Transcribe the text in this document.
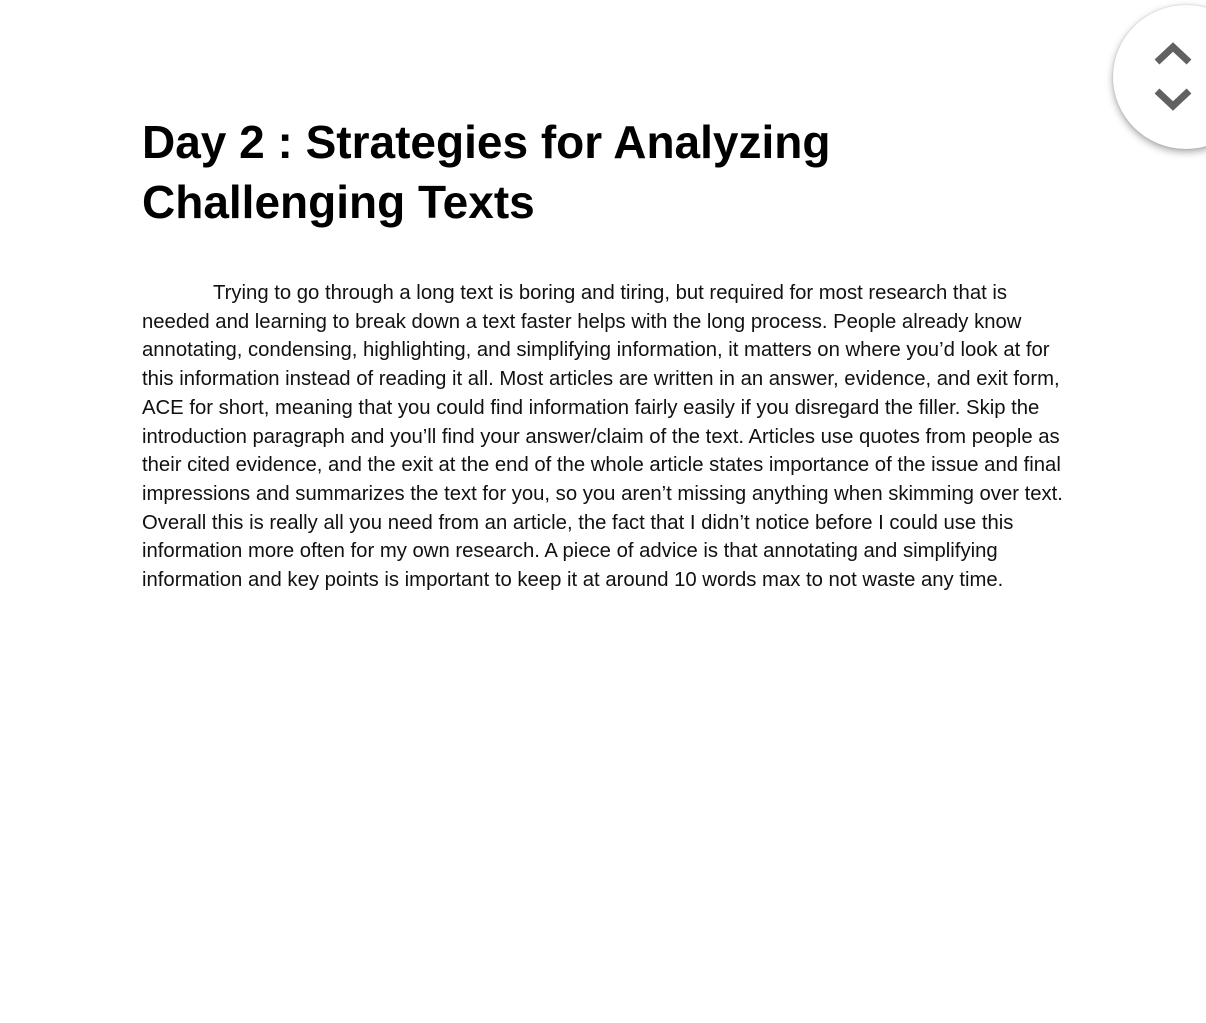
Day 2 : Strategies for Analyzing Challenging Texts

Trying to go through a long text is boring and tiring, but required for most research that is needed and learning to break down a text faster helps with the long process. People already know annotating, condensing, highlighting, and simplifying information, it matters on where you’d look at for this information instead of reading it all. Most articles are written in an answer, evidence, and exit form, ACE for short, meaning that you could find information fairly easily if you disregard the filler. Skip the introduction paragraph and you’ll find your answer/claim of the text. Articles use quotes from people as their cited evidence, and the exit at the end of the whole article states importance of the issue and final impressions and summarizes the text for you, so you aren’t missing anything when skimming over text. Overall this is really all you need from an article, the fact that I didn’t notice before I could use this information more often for my own research. A piece of advice is that annotating and simplifying information and key points is important to keep it at around 10 words max to not waste any time.
